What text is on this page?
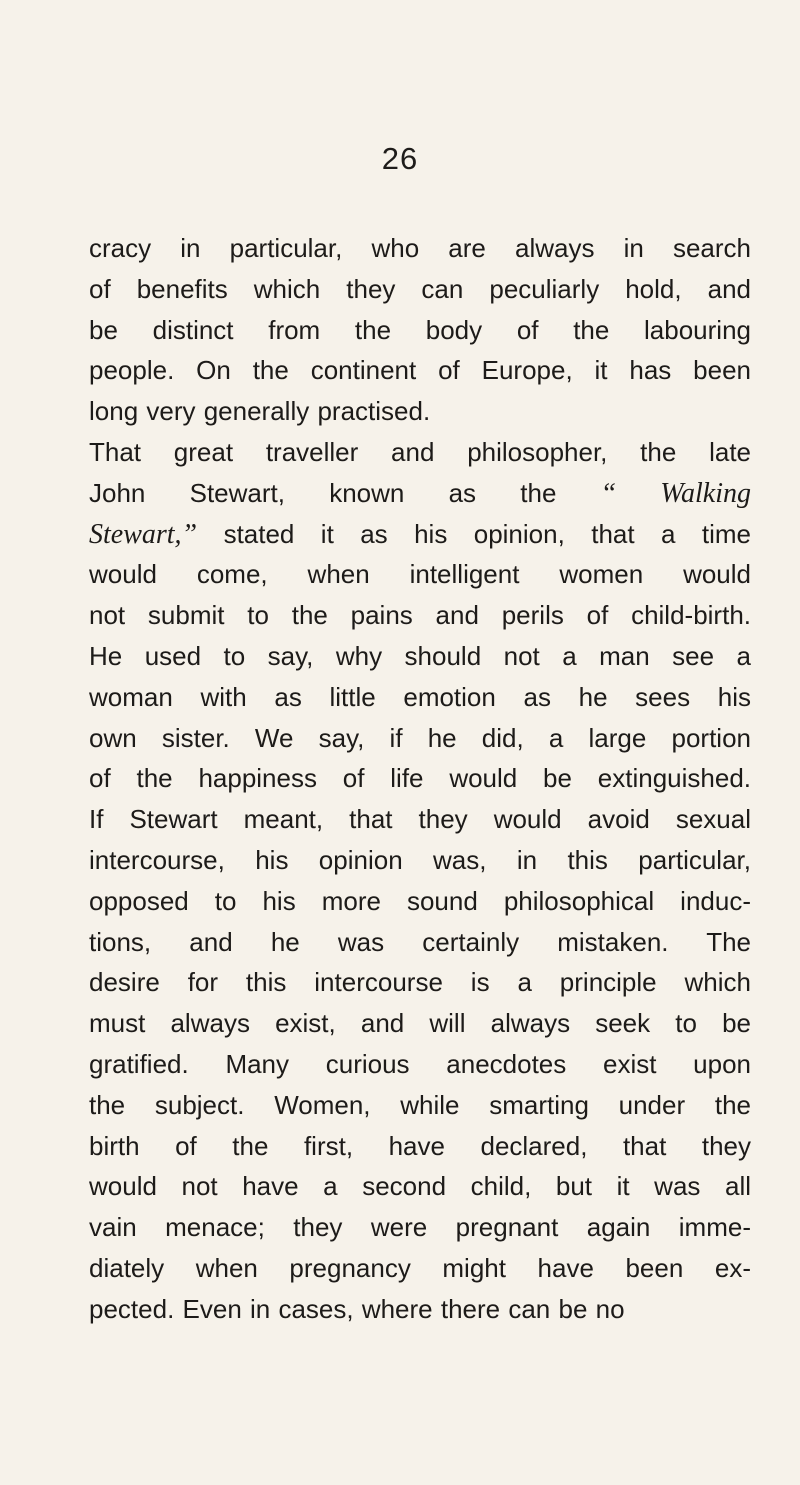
26
cracy in particular, who are always in search
of benefits which they can peculiarly hold, and
be distinct from the body of the labouring
people. On the continent of Europe, it has been
long very generally practised.
That great traveller and philosopher, the late
John Stewart, known as the “ Walking
Stewart,” stated it as his opinion, that a time
would come, when intelligent women would
not submit to the pains and perils of child-birth.
He used to say, why should not a man see a
woman with as little emotion as he sees his
own sister. We say, if he did, a large portion
of the happiness of life would be extinguished.
If Stewart meant, that they would avoid sexual
intercourse, his opinion was, in this particular,
opposed to his more sound philosophical induc-
tions, and he was certainly mistaken. The
desire for this intercourse is a principle which
must always exist, and will always seek to be
gratified. Many curious anecdotes exist upon
the subject. Women, while smarting under the
birth of the first, have declared, that they
would not have a second child, but it was all
vain menace; they were pregnant again imme-
diately when pregnancy might have been ex-
pected. Even in cases, where there can be no
